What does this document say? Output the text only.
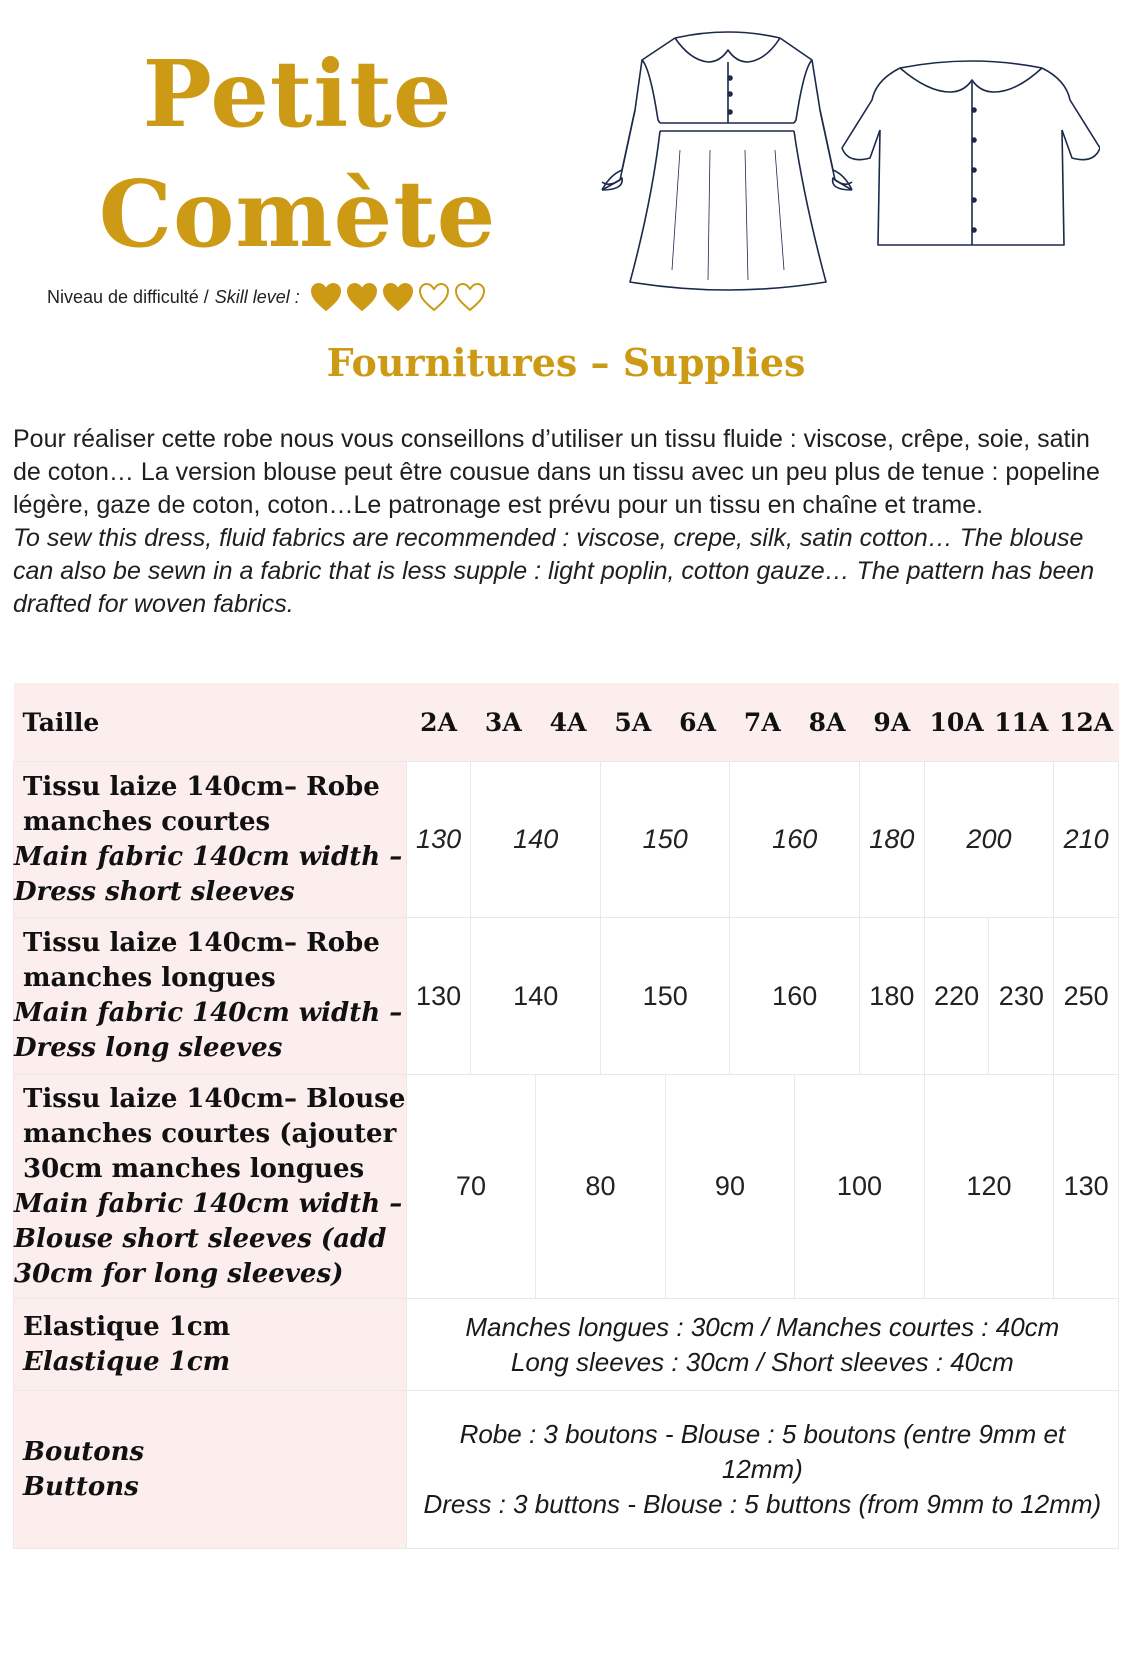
Petite
Comète
Niveau de difficulté / Skill level :
Fournitures – Supplies

Pour réaliser cette robe nous vous conseillons d’utiliser un tissu fluide : viscose, crêpe, soie, satin de coton… La version blouse peut être cousue dans un tissu avec un peu plus de tenue : popeline légère, gaze de coton, coton…Le patronage est prévu pour un tissu en chaîne et trame.

To sew this dress, fluid fabrics are recommended : viscose, crepe, silk, satin cotton… The blouse can also be sewn in a fabric that is less supple : light poplin, cotton gauze… The pattern has been drafted for woven fabrics.

Taille	2A	3A	4A	5A	6A	7A	8A	9A	10A	11A	12A

Tissu laize 140cm– Robe manches courtes
Main fabric 140cm width – Dress short sleeves	130	140		150		160		180	200		210

Tissu laize 140cm– Robe manches longues
Main fabric 140cm width – Dress long sleeves	130	140		150		160		180	220	230	250

Tissu laize 140cm– Blouse manches courtes (ajouter 30cm manches longues
Main fabric 140cm width – Blouse short sleeves (add 30cm for long sleeves)	70		80		90		100		120		130

Elastique 1cm
Elastique 1cm	Manches longues : 30cm / Manches courtes : 40cm
Long sleeves : 30cm / Short sleeves : 40cm										

Boutons
Buttons	Robe : 3 boutons - Blouse : 5 boutons (entre 9mm et 12mm)
Dress : 3 buttons - Blouse : 5 buttons (from 9mm to 12mm)										
